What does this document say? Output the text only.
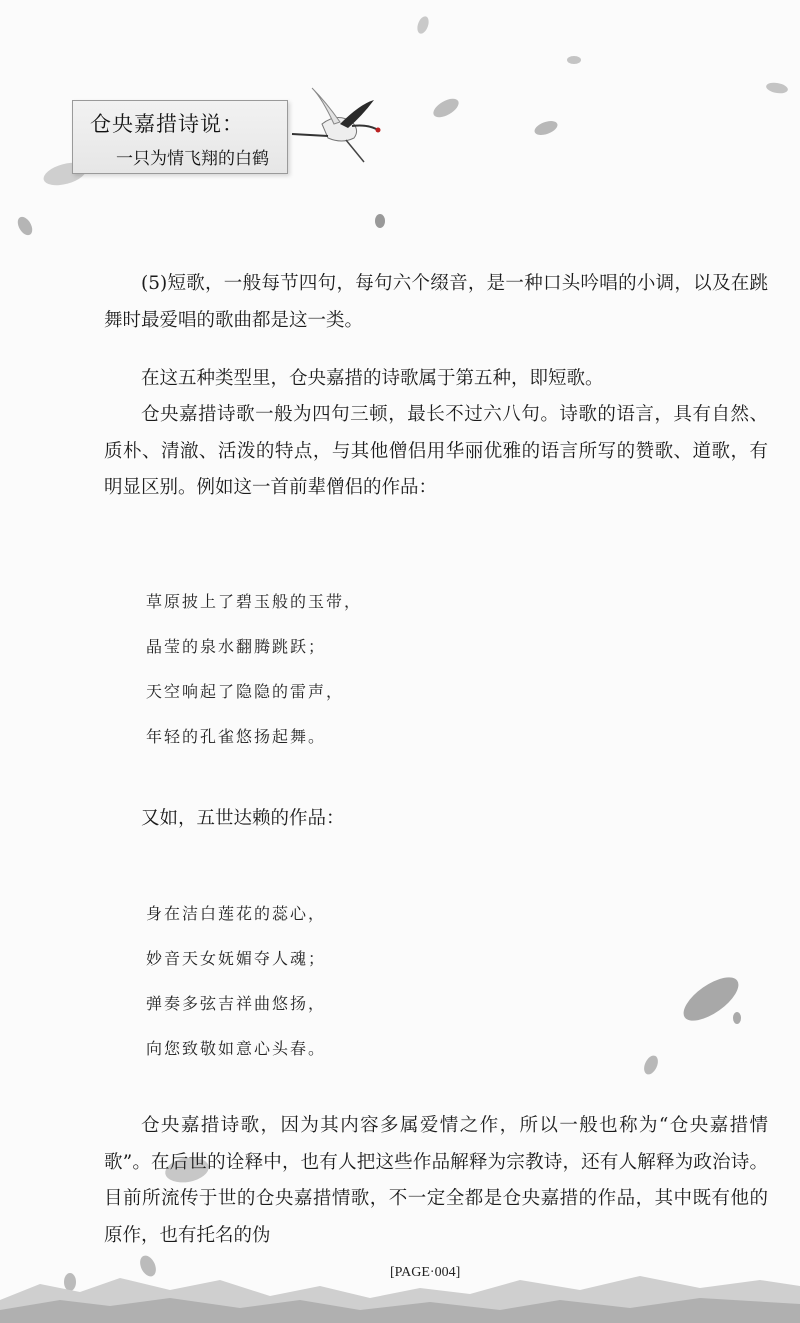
仓央嘉措诗说：
一只为情飞翔的白鹤

(5)短歌，一般每节四句，每句六个缀音，是一种口头吟唱的小调，以及在跳舞时最爱唱的歌曲都是这一类。

在这五种类型里，仓央嘉措的诗歌属于第五种，即短歌。

仓央嘉措诗歌一般为四句三顿，最长不过六八句。诗歌的语言，具有自然、质朴、清澈、活泼的特点，与其他僧侣用华丽优雅的语言所写的赞歌、道歌，有明显区别。例如这一首前辈僧侣的作品：

草原披上了碧玉般的玉带，
晶莹的泉水翻腾跳跃；
天空响起了隐隐的雷声，
年轻的孔雀悠扬起舞。

又如，五世达赖的作品：

身在洁白莲花的蕊心，
妙音天女妩媚夺人魂；
弹奏多弦吉祥曲悠扬，
向您致敬如意心头春。

仓央嘉措诗歌，因为其内容多属爱情之作，所以一般也称为“仓央嘉措情歌”。在后世的诠释中，也有人把这些作品解释为宗教诗，还有人解释为政治诗。目前所流传于世的仓央嘉措情歌，不一定全都是仓央嘉措的作品，其中既有他的原作，也有托名的伪

[PAGE·004]
